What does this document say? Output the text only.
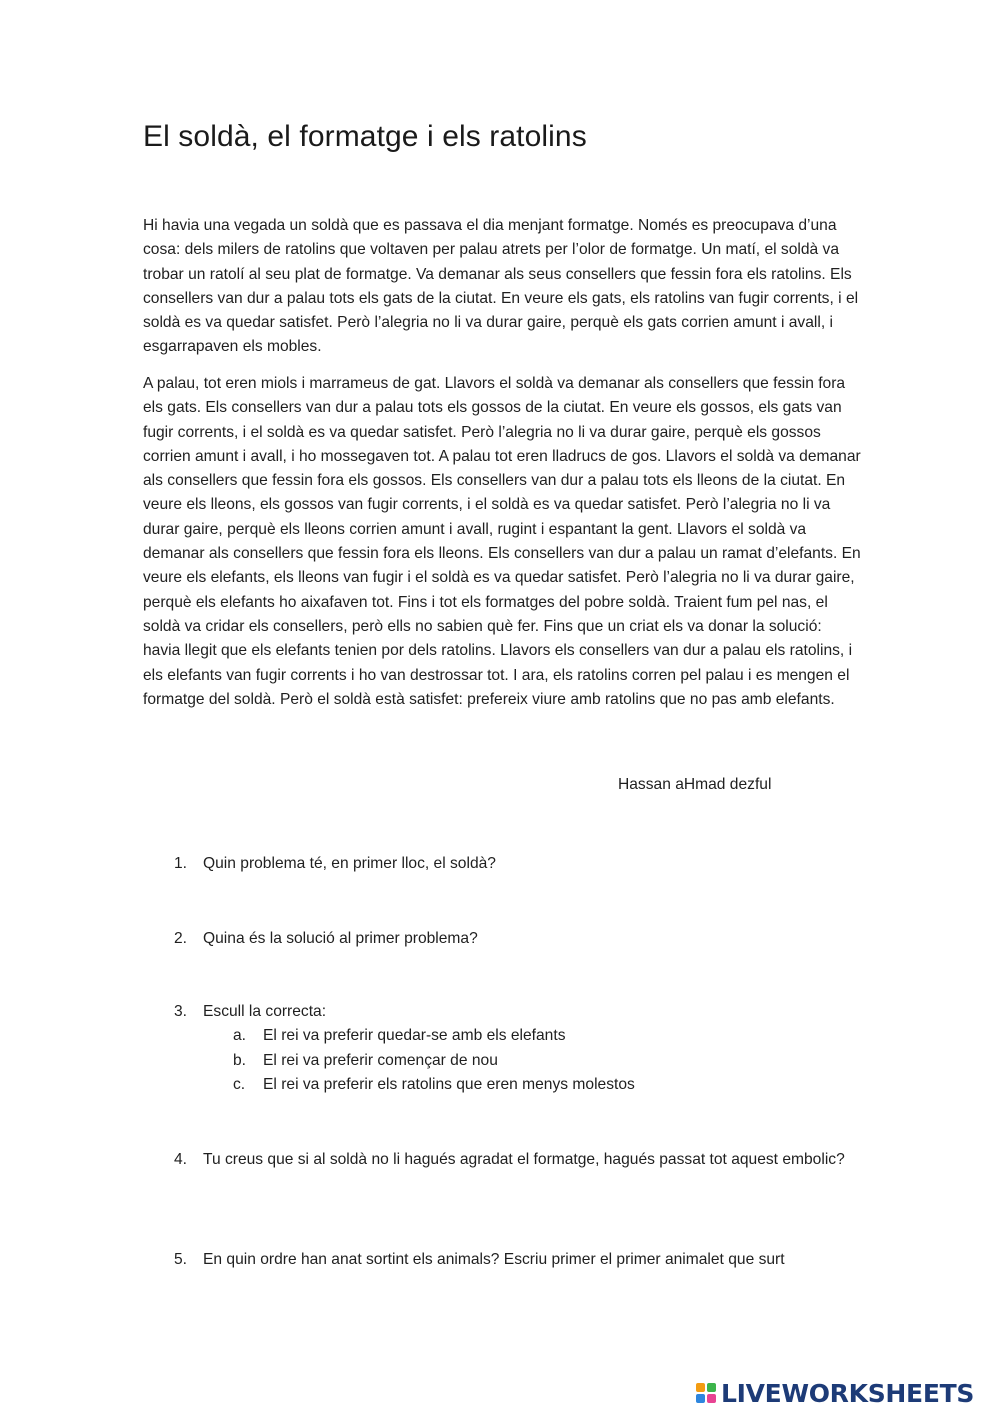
El soldà, el formatge i els ratolins

Hi havia una vegada un soldà que es passava el dia menjant formatge. Només es preocupava d’una cosa: dels milers de ratolins que voltaven per palau atrets per l’olor de formatge. Un matí, el soldà va trobar un ratolí al seu plat de formatge. Va demanar als seus consellers que fessin fora els ratolins. Els consellers van dur a palau tots els gats de la ciutat. En veure els gats, els ratolins van fugir corrents, i el soldà es va quedar satisfet. Però l’alegria no li va durar gaire, perquè els gats corrien amunt i avall, i esgarrapaven els mobles.

A palau, tot eren miols i marrameus de gat. Llavors el soldà va demanar als consellers que fessin fora els gats. Els consellers van dur a palau tots els gossos de la ciutat. En veure els gossos, els gats van fugir corrents, i el soldà es va quedar satisfet. Però l’alegria no li va durar gaire, perquè els gossos corrien amunt i avall, i ho mossegaven tot. A palau tot eren lladrucs de gos. Llavors el soldà va demanar als consellers que fessin fora els gossos. Els consellers van dur a palau tots els lleons de la ciutat. En veure els lleons, els gossos van fugir corrents, i el soldà es va quedar satisfet. Però l’alegria no li va durar gaire, perquè els lleons corrien amunt i avall, rugint i espantant la gent. Llavors el soldà va demanar als consellers que fessin fora els lleons. Els consellers van dur a palau un ramat d’elefants. En veure els elefants, els lleons van fugir i el soldà es va quedar satisfet. Però l’alegria no li va durar gaire, perquè els elefants ho aixafaven tot. Fins i tot els formatges del pobre soldà. Traient fum pel nas, el soldà va cridar els consellers, però ells no sabien què fer. Fins que un criat els va donar la solució: havia llegit que els elefants tenien por dels ratolins. Llavors els consellers van dur a palau els ratolins, i els elefants van fugir corrents i ho van destrossar tot. I ara, els ratolins corren pel palau i es mengen el formatge del soldà. Però el soldà està satisfet: prefereix viure amb ratolins que no pas amb elefants.

Hassan aHmad dezful
1.	Quin problema té, en primer lloc, el soldà?
2.	Quina és la solució al primer problema?
3.	Escull la correcta:
a. El rei va preferir quedar-se amb els elefants
b. El rei va preferir començar de nou
c. El rei va preferir els ratolins que eren menys molestos
4.	Tu creus que si al soldà no li hagués agradat el formatge, hagués passat tot aquest embolic?
5.	En quin ordre han anat sortint els animals? Escriu primer el primer animalet que surt
LIVEWORKSHEETS
